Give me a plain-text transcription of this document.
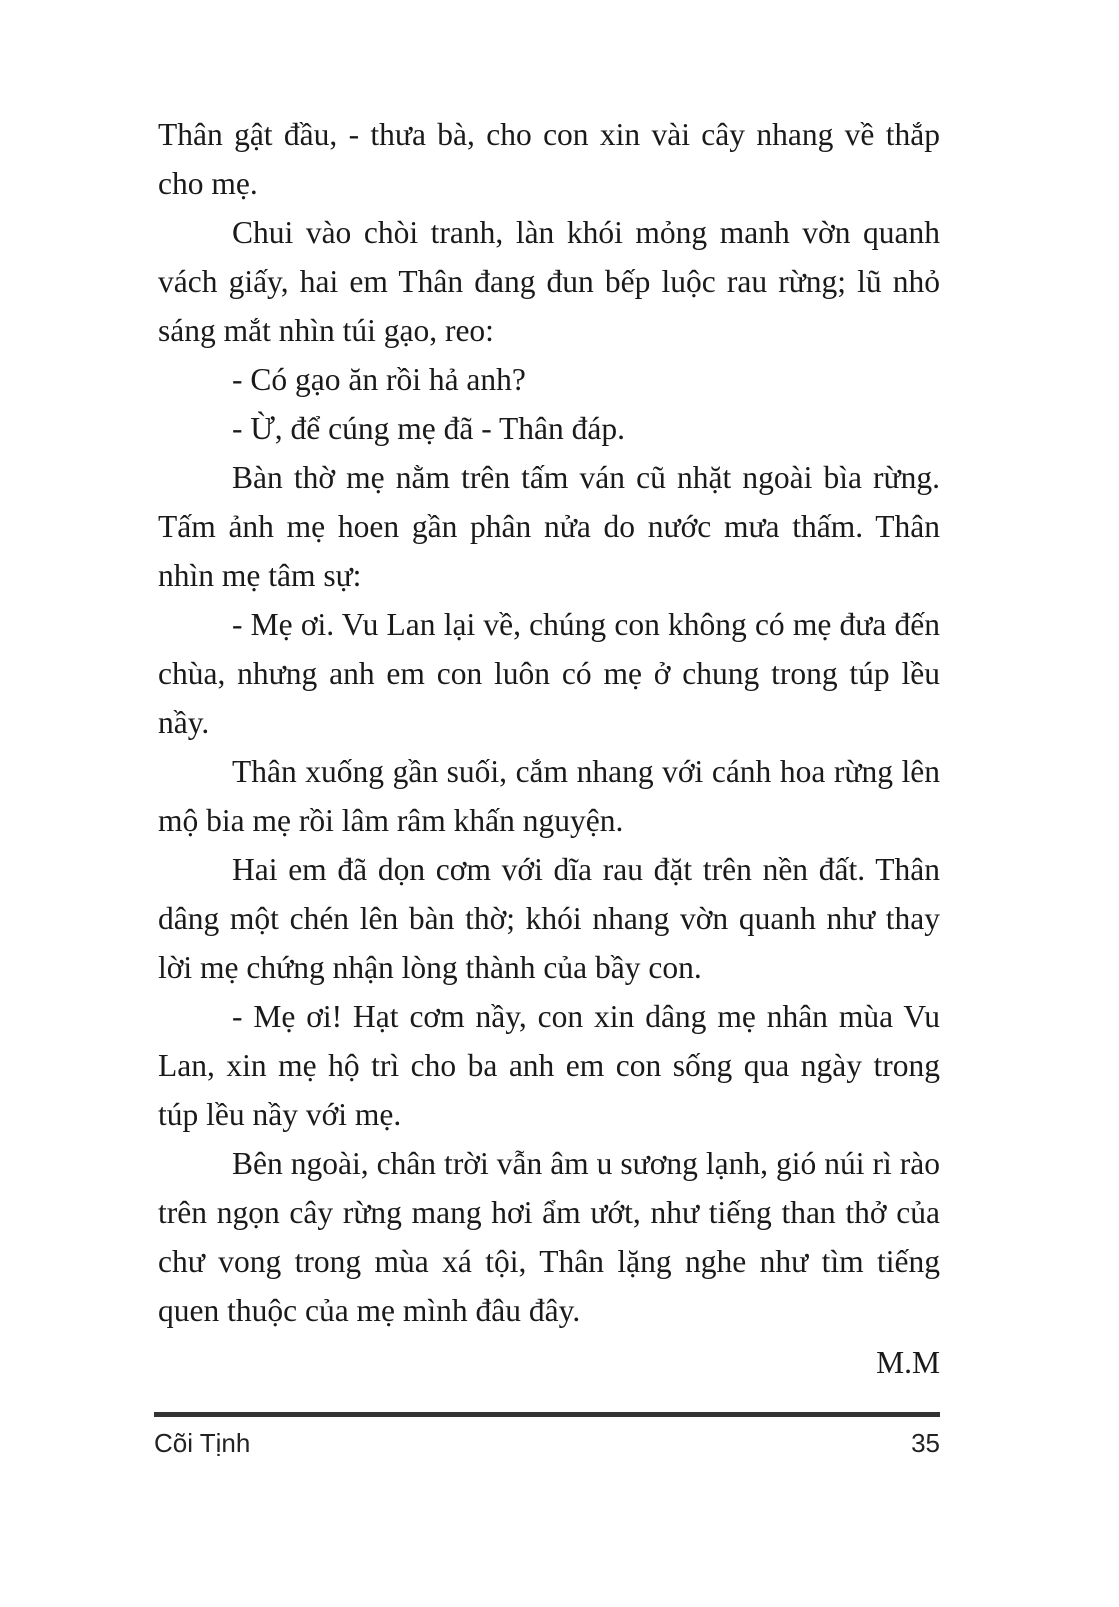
Thân gật đầu, - thưa bà, cho con xin vài cây nhang về thắp cho mẹ.

Chui vào chòi tranh, làn khói mỏng manh vờn quanh vách giấy, hai em Thân đang đun bếp luộc rau rừng; lũ nhỏ sáng mắt nhìn túi gạo, reo:

- Có gạo ăn rồi hả anh?

- Ừ, để cúng mẹ đã - Thân đáp.

Bàn thờ mẹ nằm trên tấm ván cũ nhặt ngoài bìa rừng. Tấm ảnh mẹ hoen gần phân nửa do nước mưa thấm. Thân nhìn mẹ tâm sự:

- Mẹ ơi. Vu Lan lại về, chúng con không có mẹ đưa đến chùa, nhưng anh em con luôn có mẹ ở chung trong túp lều nầy.

Thân xuống gần suối, cắm nhang với cánh hoa rừng lên mộ bia mẹ rồi lâm râm khấn nguyện.

Hai em đã dọn cơm với dĩa rau đặt trên nền đất. Thân dâng một chén lên bàn thờ; khói nhang vờn quanh như thay lời mẹ chứng nhận lòng thành của bầy con.

- Mẹ ơi! Hạt cơm nầy, con xin dâng mẹ nhân mùa Vu Lan, xin mẹ hộ trì cho ba anh em con sống qua ngày trong túp lều nầy với mẹ.

Bên ngoài, chân trời vẫn âm u sương lạnh, gió núi rì rào trên ngọn cây rừng mang hơi ẩm ướt, như tiếng than thở của chư vong trong mùa xá tội, Thân lặng nghe như tìm tiếng quen thuộc của mẹ mình đâu đây.

M.M
Cõi Tịnh	35
